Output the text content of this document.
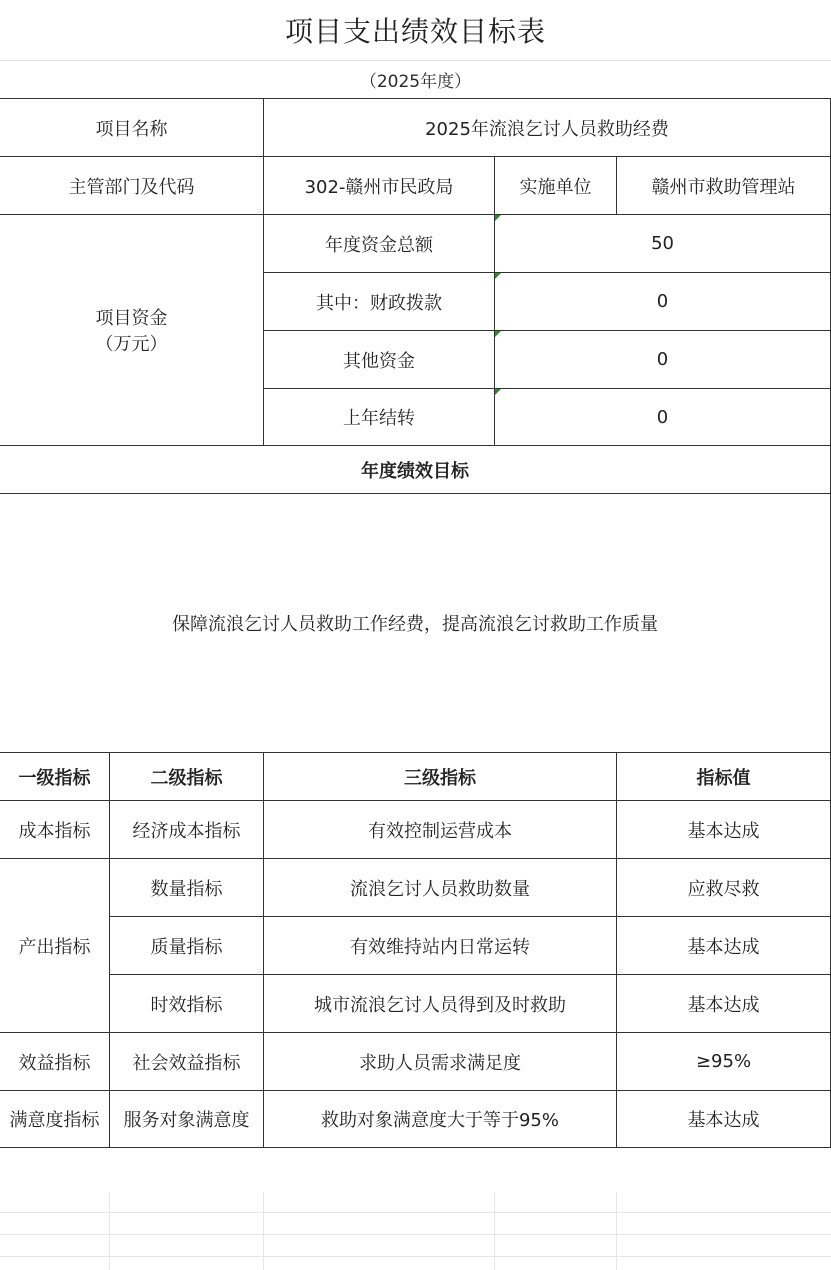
项目支出绩效目标表
（2025年度）
项目名称		2025年流浪乞讨人员救助经费		
主管部门及代码		302-赣州市民政局	实施单位	赣州市救助管理站
项目资金
（万元）		年度资金总额	50	
		其中：财政拨款	0	
		其他资金	0	
		上年结转	0	
年度绩效目标				
保障流浪乞讨人员救助工作经费，提高流浪乞讨救助工作质量				
一级指标	二级指标	三级指标		指标值
成本指标	经济成本指标	有效控制运营成本		基本达成
产出指标	数量指标	流浪乞讨人员救助数量		应救尽救
	质量指标	有效维持站内日常运转		基本达成
	时效指标	城市流浪乞讨人员得到及时救助		基本达成
效益指标	社会效益指标	求助人员需求满足度		≥95%
满意度指标	服务对象满意度	救助对象满意度大于等于95%		基本达成
